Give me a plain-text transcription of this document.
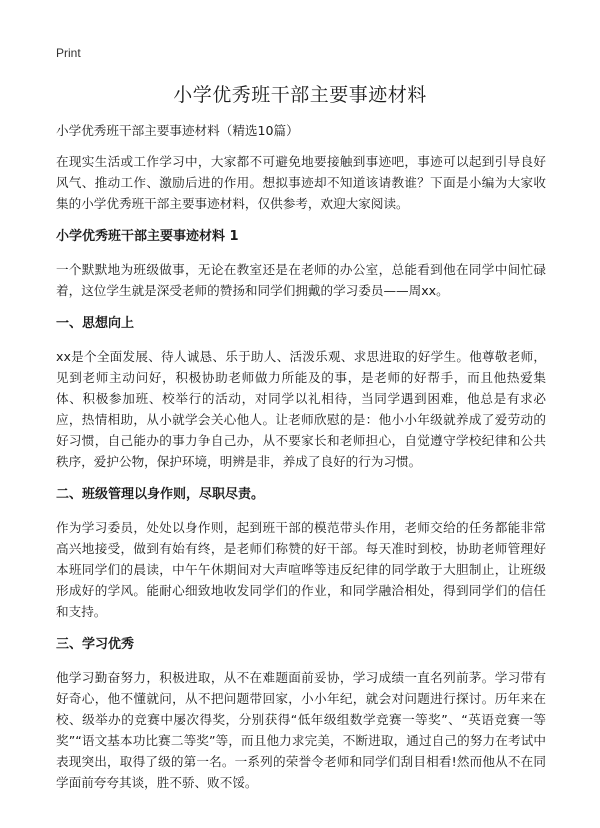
Print
小学优秀班干部主要事迹材料
小学优秀班干部主要事迹材料（精选10篇）

在现实生活或工作学习中，大家都不可避免地要接触到事迹吧，事迹可以起到引导良好风气、推动工作、激励后进的作用。想拟事迹却不知道该请教谁？下面是小编为大家收集的小学优秀班干部主要事迹材料，仅供参考，欢迎大家阅读。

小学优秀班干部主要事迹材料 1

一个默默地为班级做事，无论在教室还是在老师的办公室，总能看到他在同学中间忙碌着，这位学生就是深受老师的赞扬和同学们拥戴的学习委员——周xx。

一、思想向上

xx是个全面发展、待人诚恳、乐于助人、活泼乐观、求思进取的好学生。他尊敬老师，见到老师主动问好，积极协助老师做力所能及的事，是老师的好帮手，而且他热爱集体、积极参加班、校举行的活动，对同学以礼相待，当同学遇到困难，他总是有求必应，热情相助，从小就学会关心他人。让老师欣慰的是：他小小年级就养成了爱劳动的好习惯，自己能办的事力争自己办，从不要家长和老师担心，自觉遵守学校纪律和公共秩序，爱护公物，保护环境，明辨是非，养成了良好的行为习惯。

二、班级管理以身作则，尽职尽责。

作为学习委员，处处以身作则，起到班干部的模范带头作用，老师交给的任务都能非常高兴地接受，做到有始有终，是老师们称赞的好干部。每天准时到校，协助老师管理好本班同学们的晨读，中午午休期间对大声喧哗等违反纪律的同学敢于大胆制止，让班级形成好的学风。能耐心细致地收发同学们的作业，和同学融洽相处，得到同学们的信任和支持。

三、学习优秀

他学习勤奋努力，积极进取，从不在难题面前妥协，学习成绩一直名列前茅。学习带有好奇心，他不懂就问，从不把问题带回家，小小年纪，就会对问题进行探讨。历年来在校、级举办的竞赛中屡次得奖，分别获得“低年级组数学竞赛一等奖”、“英语竞赛一等奖”“语文基本功比赛二等奖”等，而且他力求完美，不断进取，通过自己的努力在考试中表现突出，取得了级的第一名。一系列的荣誉令老师和同学们刮目相看!然而他从不在同学面前夸夸其谈，胜不骄、败不馁。
